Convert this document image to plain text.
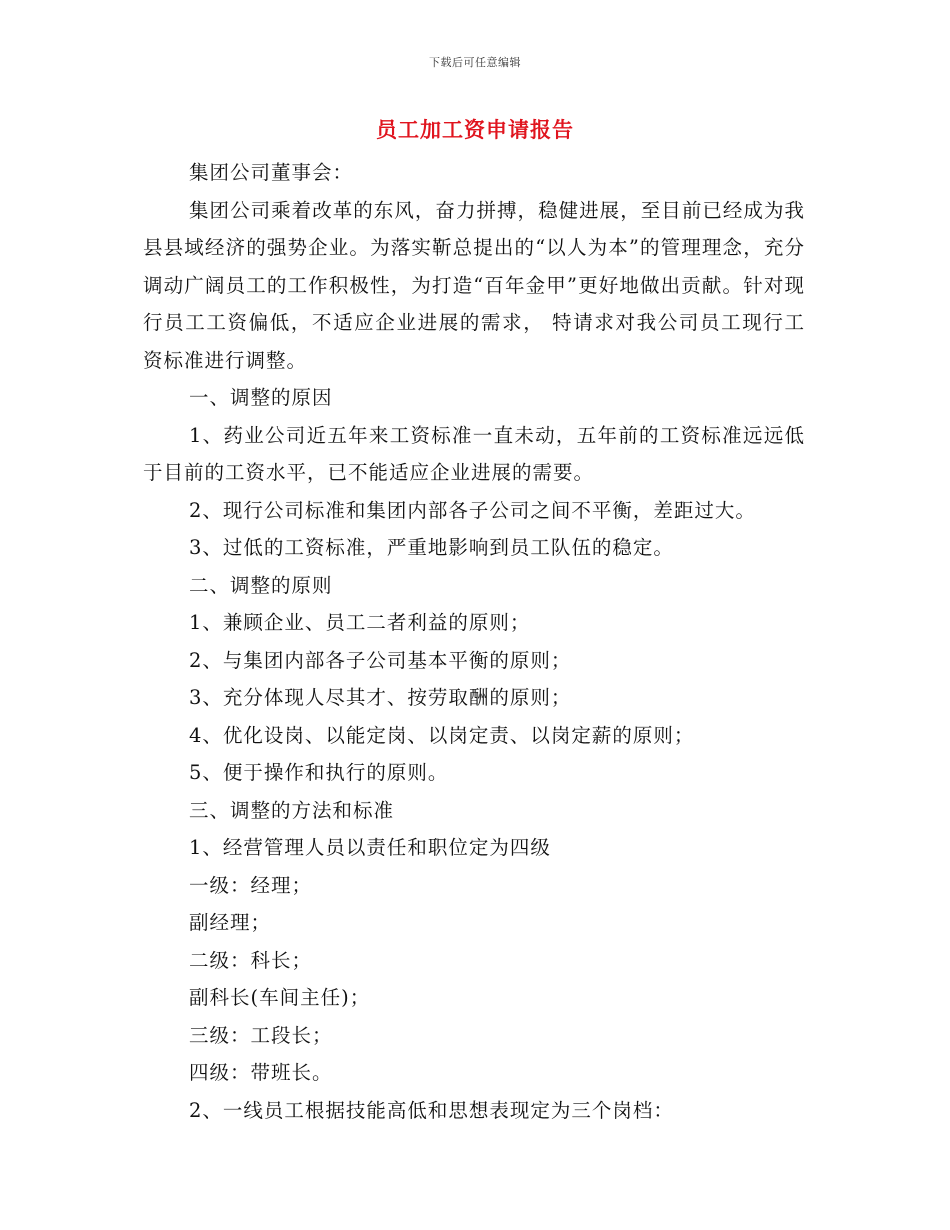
下载后可任意编辑
员工加工资申请报告

集团公司董事会：

集团公司乘着改革的东风，奋力拼搏，稳健进展，至目前已经成为我县县域经济的强势企业。为落实靳总提出的“以人为本”的管理理念，充分调动广阔员工的工作积极性，为打造“百年金甲”更好地做出贡献。针对现行员工工资偏低，不适应企业进展的需求， 特请求对我公司员工现行工资标准进行调整。

一、调整的原因

1、药业公司近五年来工资标准一直未动，五年前的工资标准远远低于目前的工资水平，已不能适应企业进展的需要。

2、现行公司标准和集团内部各子公司之间不平衡，差距过大。

3、过低的工资标准，严重地影响到员工队伍的稳定。

二、调整的原则

1、兼顾企业、员工二者利益的原则；

2、与集团内部各子公司基本平衡的原则；

3、充分体现人尽其才、按劳取酬的原则；

4、优化设岗、以能定岗、以岗定责、以岗定薪的原则；

5、便于操作和执行的原则。

三、调整的方法和标准

1、经营管理人员以责任和职位定为四级

一级：经理；

副经理；

二级：科长；

副科长(车间主任)；

三级：工段长；

四级：带班长。

2、一线员工根据技能高低和思想表现定为三个岗档：
